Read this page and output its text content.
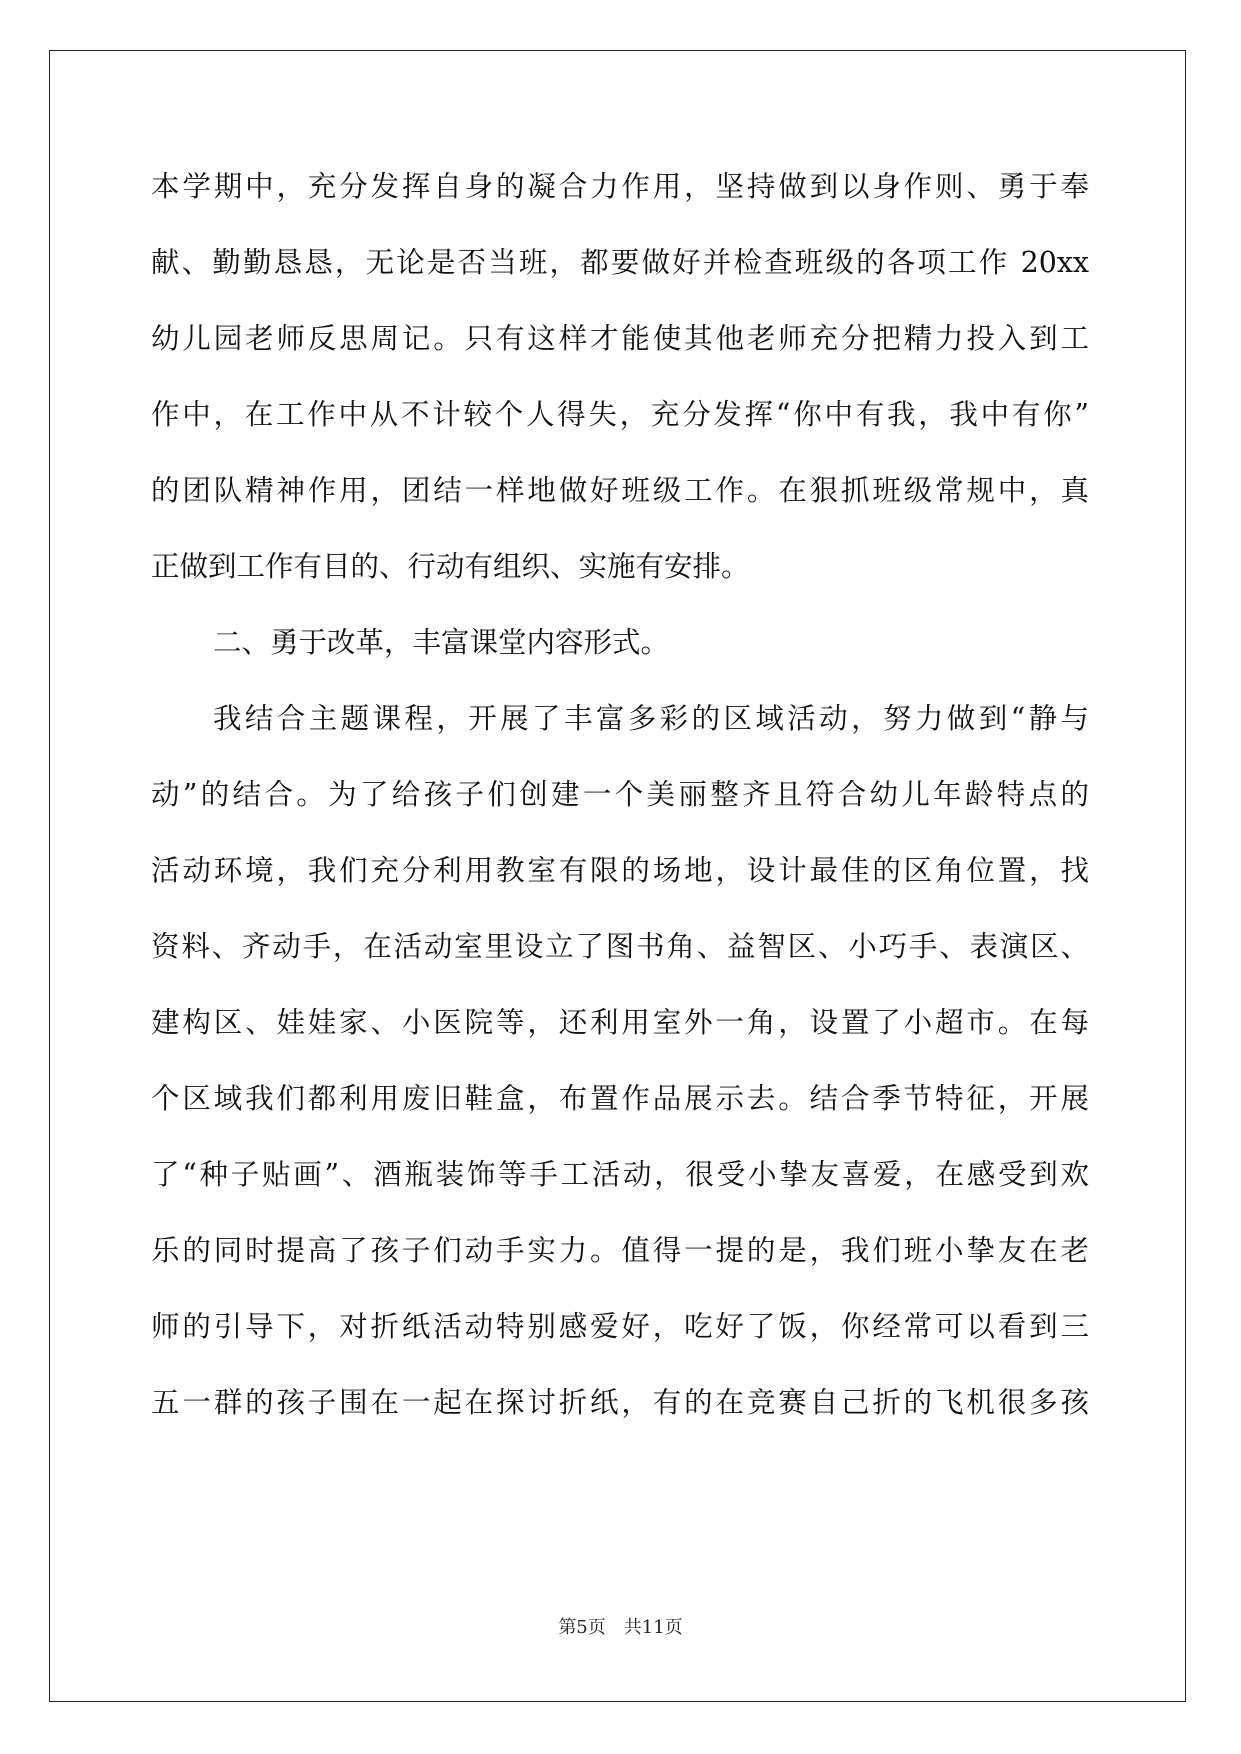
本学期中，充分发挥自身的凝合力作用，坚持做到以身作则、勇于奉
献、勤勤恳恳，无论是否当班，都要做好并检查班级的各项工作 20xx
幼儿园老师反思周记。只有这样才能使其他老师充分把精力投入到工
作中，在工作中从不计较个人得失，充分发挥“你中有我，我中有你”
的团队精神作用，团结一样地做好班级工作。在狠抓班级常规中，真
正做到工作有目的、行动有组织、实施有安排。
二、勇于改革，丰富课堂内容形式。
我结合主题课程，开展了丰富多彩的区域活动，努力做到“静与
动”的结合。为了给孩子们创建一个美丽整齐且符合幼儿年龄特点的
活动环境，我们充分利用教室有限的场地，设计最佳的区角位置，找
资料、齐动手，在活动室里设立了图书角、益智区、小巧手、表演区、
建构区、娃娃家、小医院等，还利用室外一角，设置了小超市。在每
个区域我们都利用废旧鞋盒，布置作品展示去。结合季节特征，开展
了“种子贴画”、酒瓶装饰等手工活动，很受小挚友喜爱，在感受到欢
乐的同时提高了孩子们动手实力。值得一提的是，我们班小挚友在老
师的引导下，对折纸活动特别感爱好，吃好了饭，你经常可以看到三
五一群的孩子围在一起在探讨折纸，有的在竞赛自己折的飞机很多孩
第5页　共11页
